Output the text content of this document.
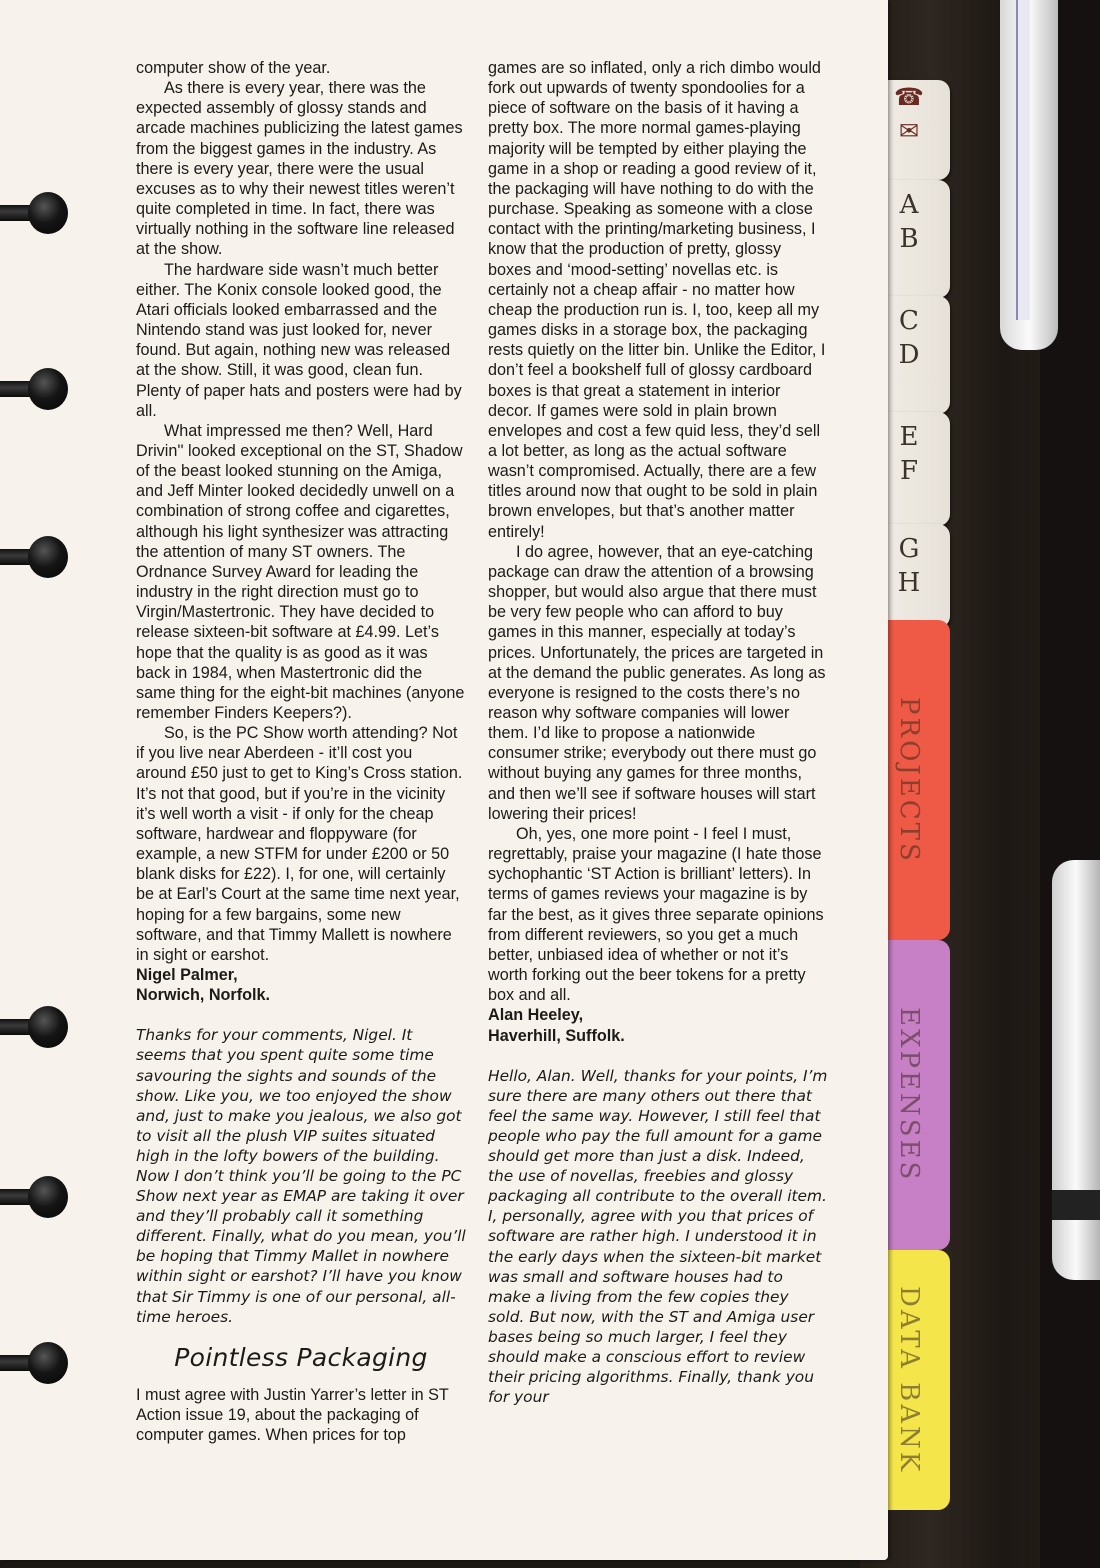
☎
✉
A
B
C
D
E
F
G
H
PROJECTS
EXPENSES
DATA BANK

computer show of the year.

As there is every year, there was the expected assembly of glossy stands and arcade machines publicizing the latest games from the biggest games in the industry. As there is every year, there were the usual excuses as to why their newest titles weren’t quite completed in time. In fact, there was virtually nothing in the software line released at the show.

The hardware side wasn’t much better either. The Konix console looked good, the Atari officials looked embarrassed and the Nintendo stand was just looked for, never found. But again, nothing new was released at the show. Still, it was good, clean fun. Plenty of paper hats and posters were had by all.

What impressed me then? Well, Hard Drivin'' looked exceptional on the ST, Shadow of the beast looked stunning on the Amiga, and Jeff Minter looked decidedly unwell on a combination of strong coffee and cigarettes, although his light synthesizer was attracting the attention of many ST owners. The Ordnance Survey Award for leading the industry in the right direction must go to Virgin/Mastertronic. They have decided to release sixteen-bit software at £4.99. Let’s hope that the quality is as good as it was back in 1984, when Mastertronic did the same thing for the eight-bit machines (anyone remember Finders Keepers?).

So, is the PC Show worth attending? Not if you live near Aberdeen - it’ll cost you around £50 just to get to King’s Cross station. It’s not that good, but if you’re in the vicinity it’s well worth a visit - if only for the cheap software, hardwear and floppyware (for example, a new STFM for under £200 or 50 blank disks for £22). I, for one, will certainly be at Earl’s Court at the same time next year, hoping for a few bargains, some new software, and that Timmy Mallett is nowhere in sight or earshot.

Nigel Palmer,

Norwich, Norfolk.

Thanks for your comments, Nigel. It seems that you spent quite some time savouring the sights and sounds of the show. Like you, we too enjoyed the show and, just to make you jealous, we also got to visit all the plush VIP suites situated high in the lofty bowers of the building. Now I don’t think you’ll be going to the PC Show next year as EMAP are taking it over and they’ll probably call it something different. Finally, what do you mean, you’ll be hoping that Timmy Mallet in nowhere within sight or earshot? I’ll have you know that Sir Timmy is one of our personal, all-time heroes.

Pointless Packaging

I must agree with Justin Yarrer’s letter in ST Action issue 19, about the packaging of computer games. When prices for top

games are so inflated, only a rich dimbo would fork out upwards of twenty spondoolies for a piece of software on the basis of it having a pretty box. The more normal games-playing majority will be tempted by either playing the game in a shop or reading a good review of it, the packaging will have nothing to do with the purchase. Speaking as someone with a close contact with the printing/marketing business, I know that the production of pretty, glossy boxes and ‘mood-setting’ novellas etc. is certainly not a cheap affair - no matter how cheap the production run is. I, too, keep all my games disks in a storage box, the packaging rests quietly on the litter bin. Unlike the Editor, I don’t feel a bookshelf full of glossy cardboard boxes is that great a statement in interior decor. If games were sold in plain brown envelopes and cost a few quid less, they’d sell a lot better, as long as the actual software wasn’t compromised. Actually, there are a few titles around now that ought to be sold in plain brown envelopes, but that’s another matter entirely!

I do agree, however, that an eye-catching package can draw the attention of a browsing shopper, but would also argue that there must be very few people who can afford to buy games in this manner, especially at today’s prices. Unfortunately, the prices are targeted in at the demand the public generates. As long as everyone is resigned to the costs there’s no reason why software companies will lower them. I’d like to propose a nationwide consumer strike; everybody out there must go without buying any games for three months, and then we’ll see if software houses will start lowering their prices!

Oh, yes, one more point - I feel I must, regrettably, praise your magazine (I hate those sychophantic ‘ST Action is brilliant’ letters). In terms of games reviews your magazine is by far the best, as it gives three separate opinions from different reviewers, so you get a much better, unbiased idea of whether or not it’s worth forking out the beer tokens for a pretty box and all.

Alan Heeley,

Haverhill, Suffolk.

Hello, Alan. Well, thanks for your points, I’m sure there are many others out there that feel the same way. However, I still feel that people who pay the full amount for a game should get more than just a disk. Indeed, the use of novellas, freebies and glossy packaging all contribute to the overall item. I, personally, agree with you that prices of software are rather high. I understood it in the early days when the sixteen-bit market was small and software houses had to make a living from the few copies they sold. But now, with the ST and Amiga user bases being so much larger, I feel they should make a conscious effort to review their pricing algorithms. Finally, thank you for your
